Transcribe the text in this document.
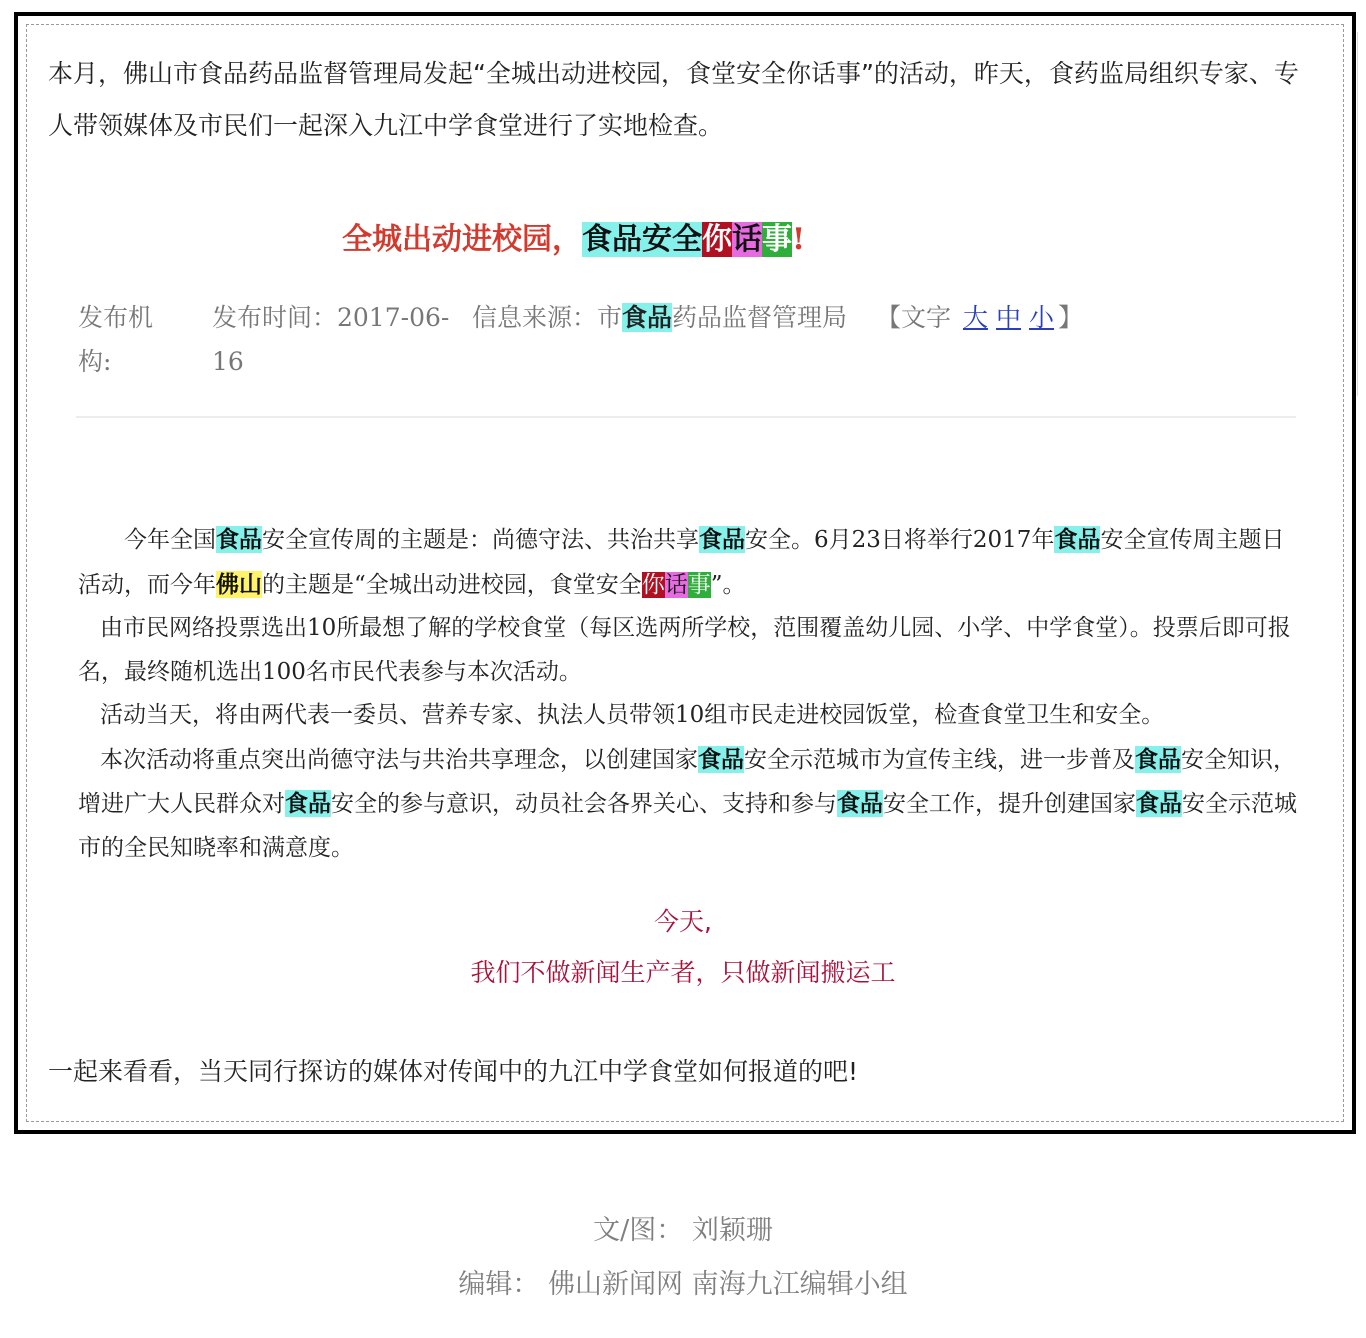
本月，佛山市食品药品监督管理局发起“全城出动进校园，食堂安全你话事”的活动，昨天，食药监局组织专家、专人带领媒体及市民们一起深入九江中学食堂进行了实地检查。

全城出动进校园，食品安全你话事!

发布机构:

发布时间：2017-06-16

信息来源：市食品药品监督管理局	【文字 大 中 小 】

今年全国食品安全宣传周的主题是：尚德守法、共治共享食品安全。6月23日将举行2017年食品安全宣传周主题日活动，而今年佛山的主题是“全城出动进校园，食堂安全你话事”。

由市民网络投票选出10所最想了解的学校食堂（每区选两所学校，范围覆盖幼儿园、小学、中学食堂）。投票后即可报名，最终随机选出100名市民代表参与本次活动。

活动当天，将由两代表一委员、营养专家、执法人员带领10组市民走进校园饭堂，检查食堂卫生和安全。

本次活动将重点突出尚德守法与共治共享理念，以创建国家食品安全示范城市为宣传主线，进一步普及食品安全知识，增进广大人民群众对食品安全的参与意识，动员社会各界关心、支持和参与食品安全工作，提升创建国家食品安全示范城市的全民知晓率和满意度。

今天,

我们不做新闻生产者，只做新闻搬运工

一起来看看，当天同行探访的媒体对传闻中的九江中学食堂如何报道的吧!

文/图： 刘颖珊

编辑： 佛山新闻网 南海九江编辑小组
